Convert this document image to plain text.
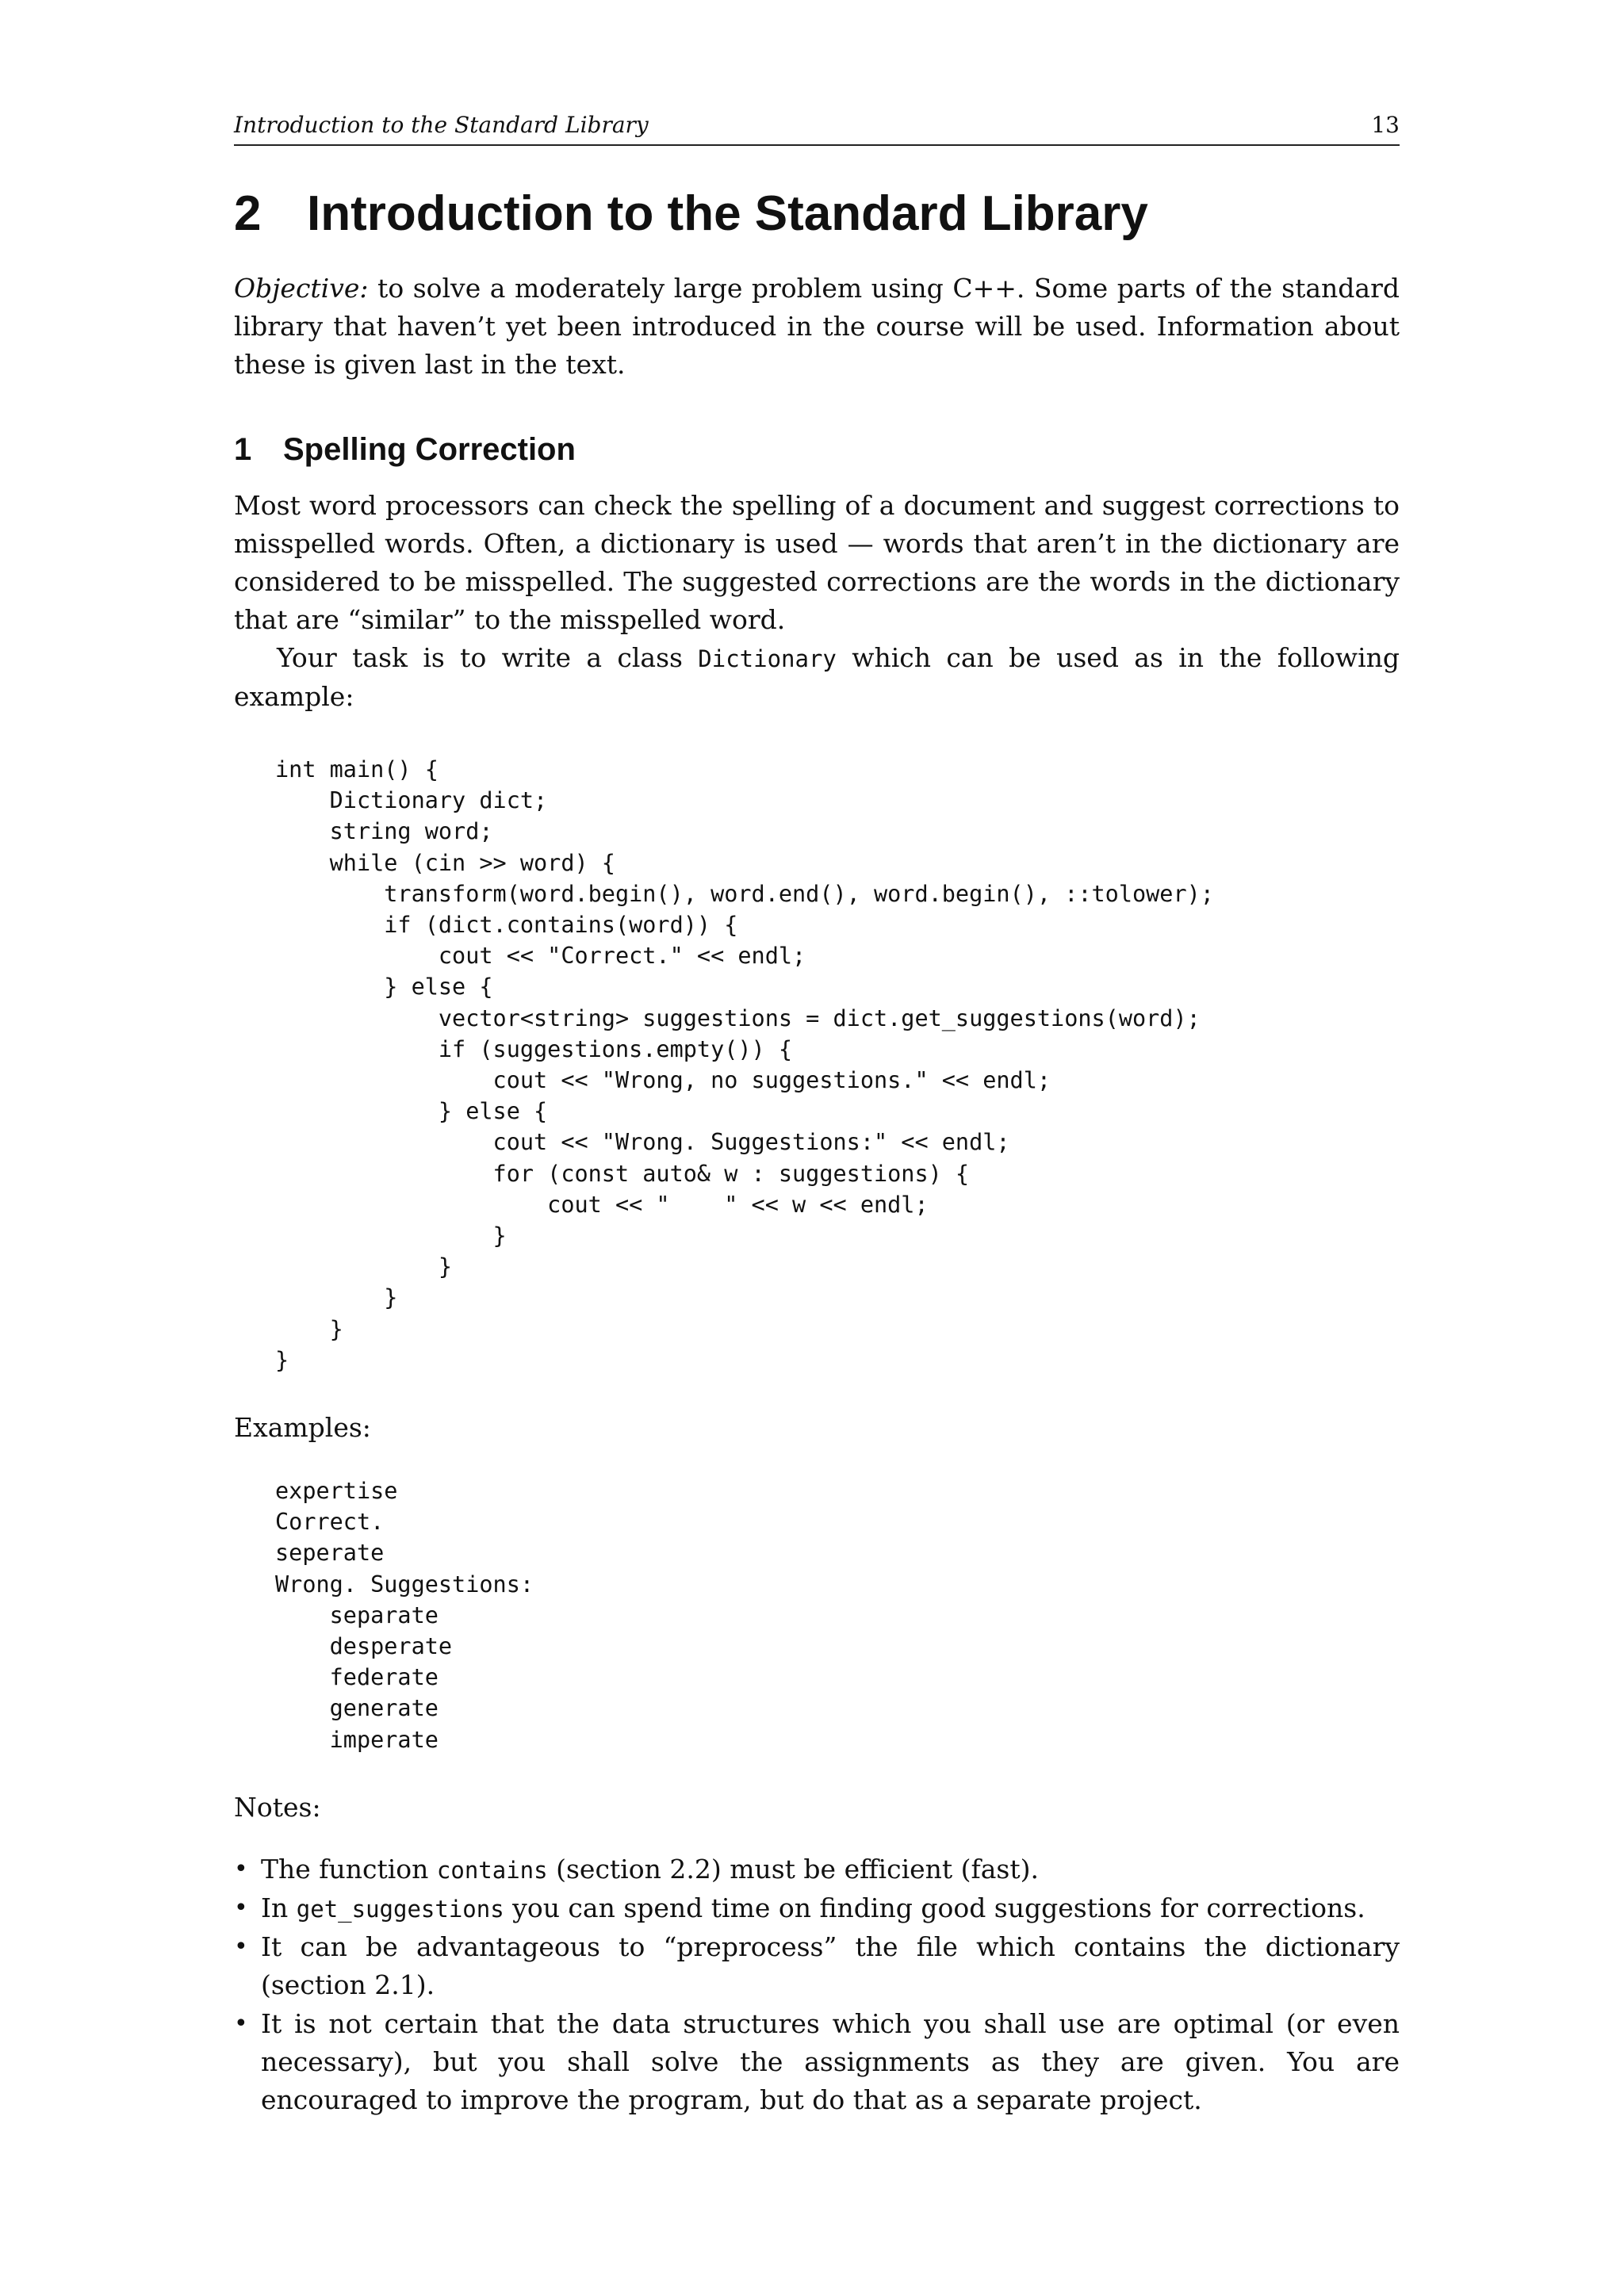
Introduction to the Standard Library	13
2 Introduction to the Standard Library

Objective: to solve a moderately large problem using C++. Some parts of the standard library that haven’t yet been introduced in the course will be used. Information about these is given last in the text.

1 Spelling Correction

Most word processors can check the spelling of a document and suggest corrections to misspelled words. Often, a dictionary is used — words that aren’t in the dictionary are considered to be misspelled. The suggested corrections are the words in the dictionary that are “similar” to the misspelled word.

Your task is to write a class Dictionary which can be used as in the following example:

int main() {
Dictionary dict;
string word;
while (cin >> word) {
transform(word.begin(), word.end(), word.begin(), ::tolower);
if (dict.contains(word)) {
cout << "Correct." << endl;
} else {
vector<string> suggestions = dict.get_suggestions(word);
if (suggestions.empty()) {
cout << "Wrong, no suggestions." << endl;
} else {
cout << "Wrong. Suggestions:" << endl;
for (const auto& w : suggestions) {
cout << "    " << w << endl;
}
}
}
}
}

Examples:

expertise
Correct.
seperate
Wrong. Suggestions:
separate
desperate
federate
generate
imperate

Notes:

• The function contains (section 2.2) must be efficient (fast).
• In get_suggestions you can spend time on finding good suggestions for corrections.
• It can be advantageous to “preprocess” the file which contains the dictionary (section 2.1).
• It is not certain that the data structures which you shall use are optimal (or even necessary), but you shall solve the assignments as they are given. You are encouraged to improve the program, but do that as a separate project.
